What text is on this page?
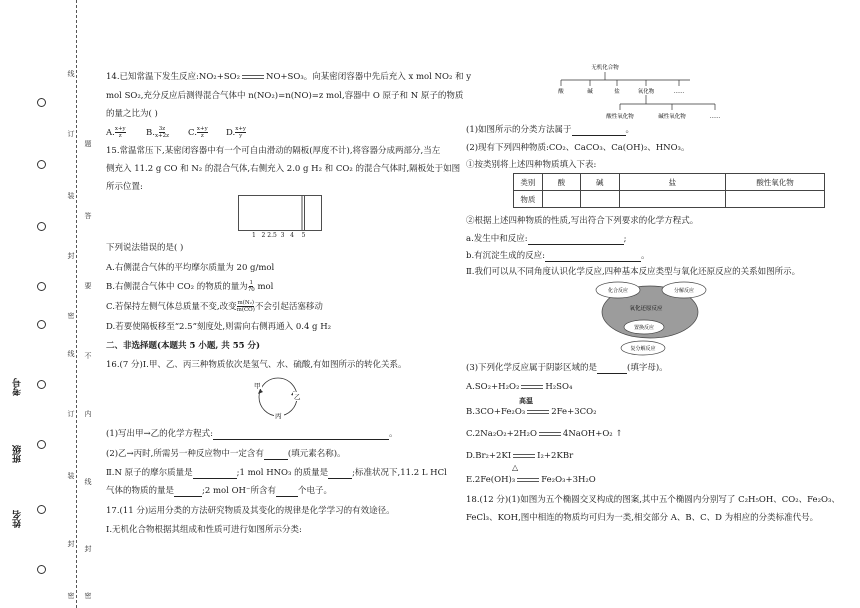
线
订
装
封
密
线
订
装
封
密
题
答
要
不
内
线
封
密
考号
班级
姓名
14.已知常温下发生反应:NO₂+SO₂	NO+SO₃。向某密闭容器中先后充入 x mol NO₂ 和 y
mol SO₂,充分反应后测得混合气体中 n(NO₂)=n(NO)=z mol,容器中 O 原子和 N 原子的物质
的量之比为( )
A. $\frac{x+y}{z} B$. $\frac{3z}{x+2z} C$. $\frac{x+y}{z} D$. $\frac{x+y}{y}$
15.常温常压下,某密闭容器中有一个可自由滑动的隔板(厚度不计),将容器分成两部分,当左
侧充入 11.2 g CO 和 N₂ 的混合气体,右侧充入 2.0 g H₂ 和 CO₂ 的混合气体时,隔板处于如图
所示位置:
1   2 2.5  3   4    5
下列说法错误的是( )
A.右侧混合气体的平均摩尔质量为 20 g/mol
B.右侧混合气体中 CO₂ 的物质的量为 $\frac{1}{70}$ mol
C.若保持左侧气体总质量不变,改变 $\frac{\text{m(N₂)}}{m(CO)}$ 不会引起活塞移动
D.若要使隔板移至“2.5”刻度处,则需向右侧再通入 0.4 g H₂
二、非选择题(本题共 5 小题, 共 55 分)
16.(7 分)Ⅰ.甲、乙、丙三种物质依次是氢气、水、硫酸,有如图所示的转化关系。
甲
乙
丙
(1)写出甲→乙的化学方程式:	。
(2)乙→丙时,所需另一种反应物中一定含有	(填元素名称)。
Ⅱ.N 原子的摩尔质量是	;1 mol HNO₃ 的质量是	;标准状况下,11.2 L HCl
气体的物质的量是	;2 mol OH⁻所含有	个电子。
17.(11 分)运用分类的方法研究物质及其变化的规律是化学学习的有效途径。
Ⅰ.无机化合物根据其组成和性质可进行如图所示分类:
无机化合物
酸	碱	盐	氧化物	……
酸性氧化物	碱性氧化物	……
(1)如图所示的分类方法属于	。
(2)现有下列四种物质:CO₂、CaCO₃、Ca(OH)₂、HNO₃。
①按类别将上述四种物质填入下表:
类别	酸	碱	盐	酸性氧化物
物质				
②根据上述四种物质的性质,写出符合下列要求的化学方程式。
a.发生中和反应:	;
b.有沉淀生成的反应:	。
Ⅱ.我们可以从不同角度认识化学反应,四种基本反应类型与氧化还原反应的关系如图所示。
化合反应	分解反应
氧化还原反应
置换反应
复分解反应
(3)下列化学反应属于阴影区域的是	(填字母)。
A.SO₂+H₂O₂	H₂SO₄
高温
B.3CO+Fe₂O₃	2Fe+3CO₂
C.2Na₂O₂+2H₂O	4NaOH+O₂ ↑
D.Br₂+2KI	I₂+2KBr
△
E.2Fe(OH)₃	Fe₂O₃+3H₂O
18.(12 分)(1)如图为五个椭圆交叉构成的图案,其中五个椭圆内分别写了 C₂H₅OH、CO₂、Fe₂O₃、
FeCl₃、KOH,图中相连的物质均可归为一类,相交部分 A、B、C、D 为相应的分类标准代号。
